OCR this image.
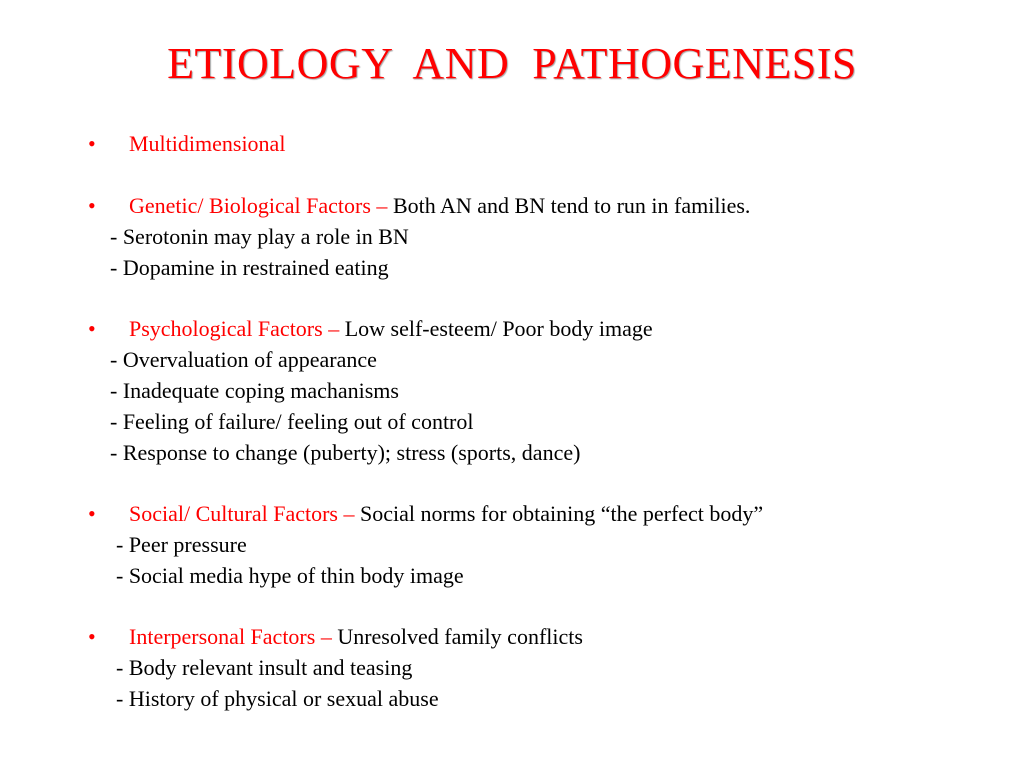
ETIOLOGY  AND  PATHOGENESIS
• Multidimensional
• Genetic/ Biological Factors – Both AN and BN tend to run in families.
- Serotonin may play a role in BN
- Dopamine in restrained eating
• Psychological Factors – Low self-esteem/ Poor body image
- Overvaluation of appearance
- Inadequate coping machanisms
- Feeling of failure/ feeling out of control
- Response to change (puberty); stress (sports, dance)
• Social/ Cultural Factors – Social norms for obtaining “the perfect body”
- Peer pressure
- Social media hype of thin body image
• Interpersonal Factors – Unresolved family conflicts
- Body relevant insult and teasing
- History of physical or sexual abuse
